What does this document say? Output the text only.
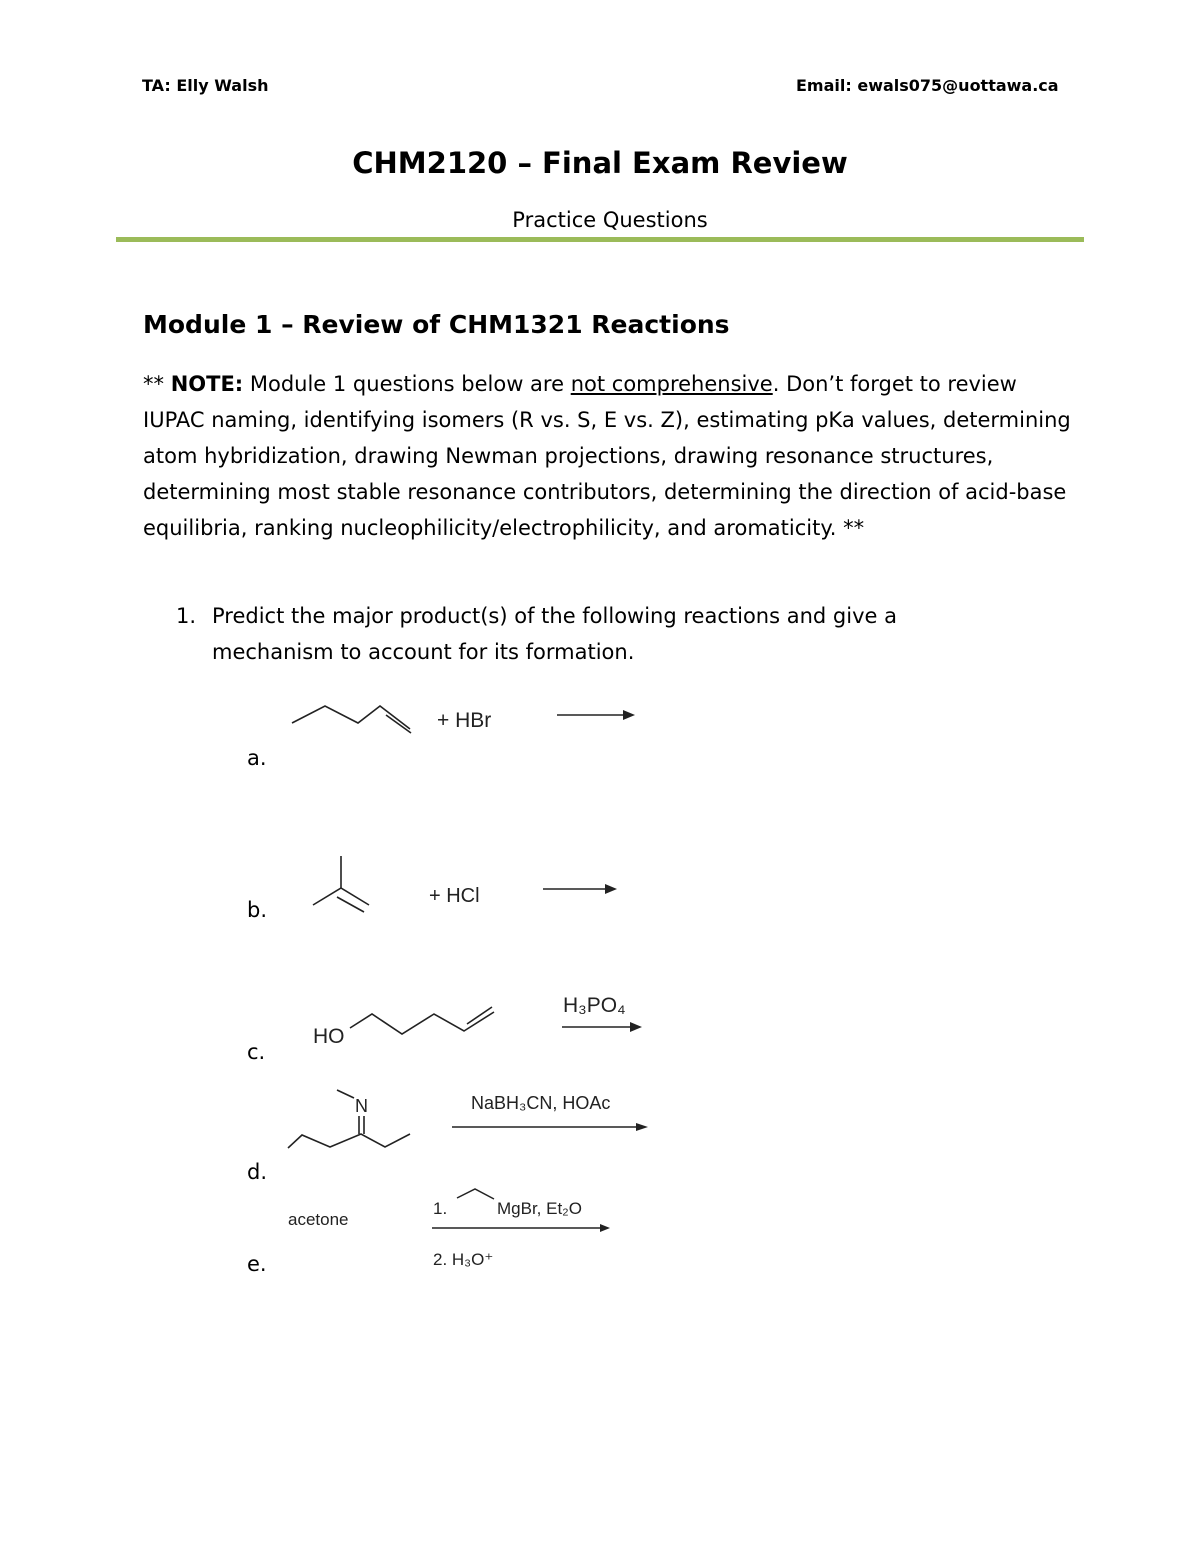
TA: Elly Walsh	Email: ewals075@uottawa.ca
CHM2120 – Final Exam Review
Practice Questions
Module 1 – Review of CHM1321 Reactions
** NOTE: Module 1 questions below are not comprehensive. Don’t forget to review IUPAC naming, identifying isomers (R vs. S, E vs. Z), estimating pKa values, determining atom hybridization, drawing Newman projections, drawing resonance structures, determining most stable resonance contributors, determining the direction of acid-base equilibria, ranking nucleophilicity/electrophilicity, and aromaticity. **
1. Predict the major product(s) of the following reactions and give a mechanism to account for its formation.
a.
b.
c.
d.
e.
+ HBr
+ HCl
HO
H₃PO₄
N	NaBH₃CN, HOAc
acetone
1.	MgBr, Et₂O
2. H₃O⁺
